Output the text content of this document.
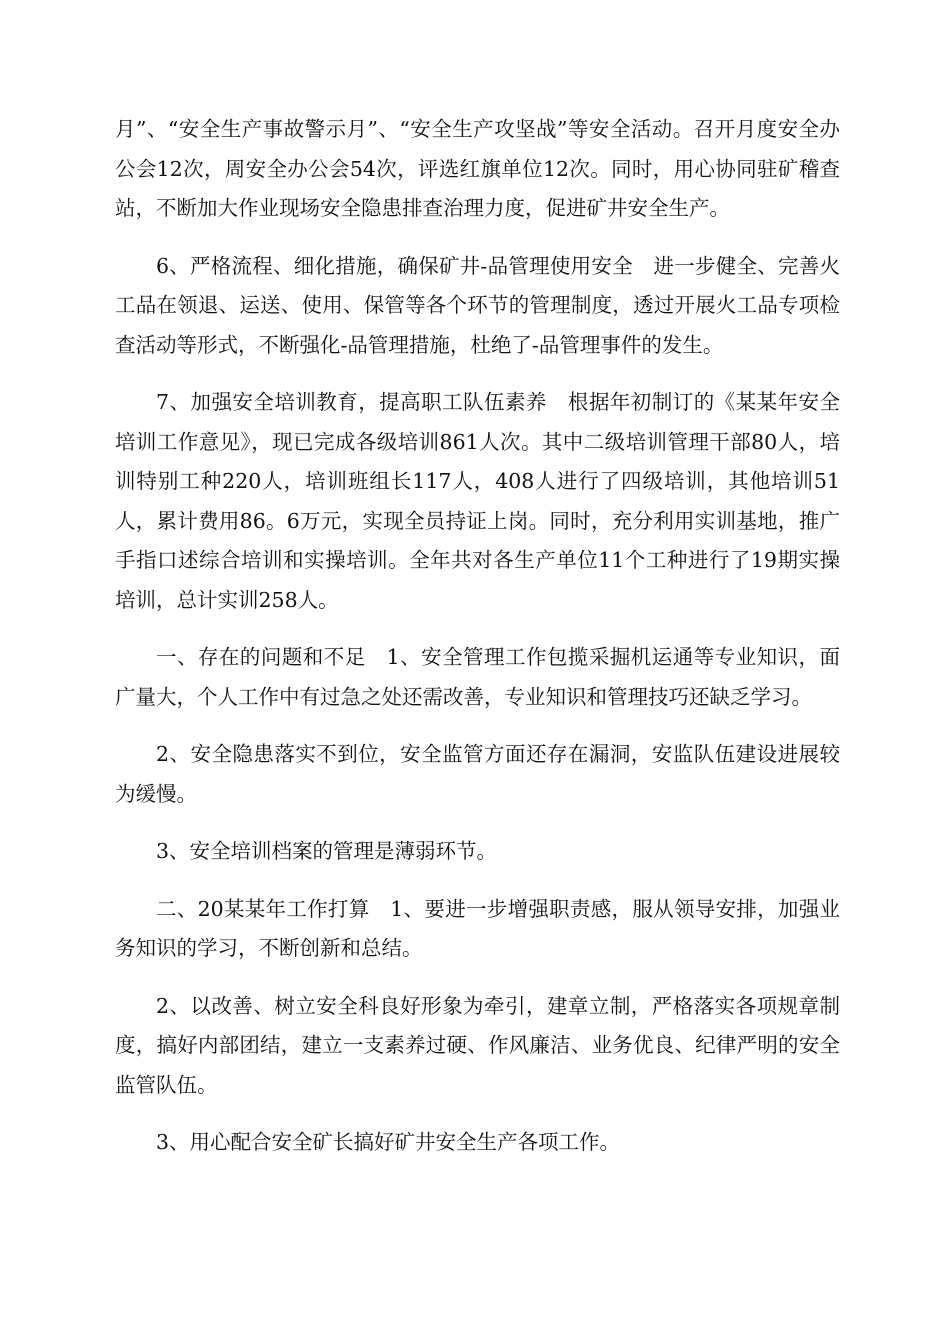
月”、“安全生产事故警示月”、“安全生产攻坚战”等安全活动。召开月度安全办公会12次，周安全办公会54次，评选红旗单位12次。同时，用心协同驻矿稽查站，不断加大作业现场安全隐患排查治理力度，促进矿井安全生产。

6、严格流程、细化措施，确保矿井-品管理使用安全　进一步健全、完善火工品在领退、运送、使用、保管等各个环节的管理制度，透过开展火工品专项检查活动等形式，不断强化-品管理措施，杜绝了-品管理事件的发生。

7、加强安全培训教育，提高职工队伍素养　根据年初制订的《某某年安全培训工作意见》，现已完成各级培训861人次。其中二级培训管理干部80人，培训特别工种220人，培训班组长117人，408人进行了四级培训，其他培训51人，累计费用86。6万元，实现全员持证上岗。同时，充分利用实训基地，推广手指口述综合培训和实操培训。全年共对各生产单位11个工种进行了19期实操培训，总计实训258人。

一、存在的问题和不足　1、安全管理工作包揽采掘机运通等专业知识，面广量大，个人工作中有过急之处还需改善，专业知识和管理技巧还缺乏学习。

2、安全隐患落实不到位，安全监管方面还存在漏洞，安监队伍建设进展较为缓慢。

3、安全培训档案的管理是薄弱环节。

二、20某某年工作打算　1、要进一步增强职责感，服从领导安排，加强业务知识的学习，不断创新和总结。

2、以改善、树立安全科良好形象为牵引，建章立制，严格落实各项规章制度，搞好内部团结，建立一支素养过硬、作风廉洁、业务优良、纪律严明的安全监管队伍。

3、用心配合安全矿长搞好矿井安全生产各项工作。
